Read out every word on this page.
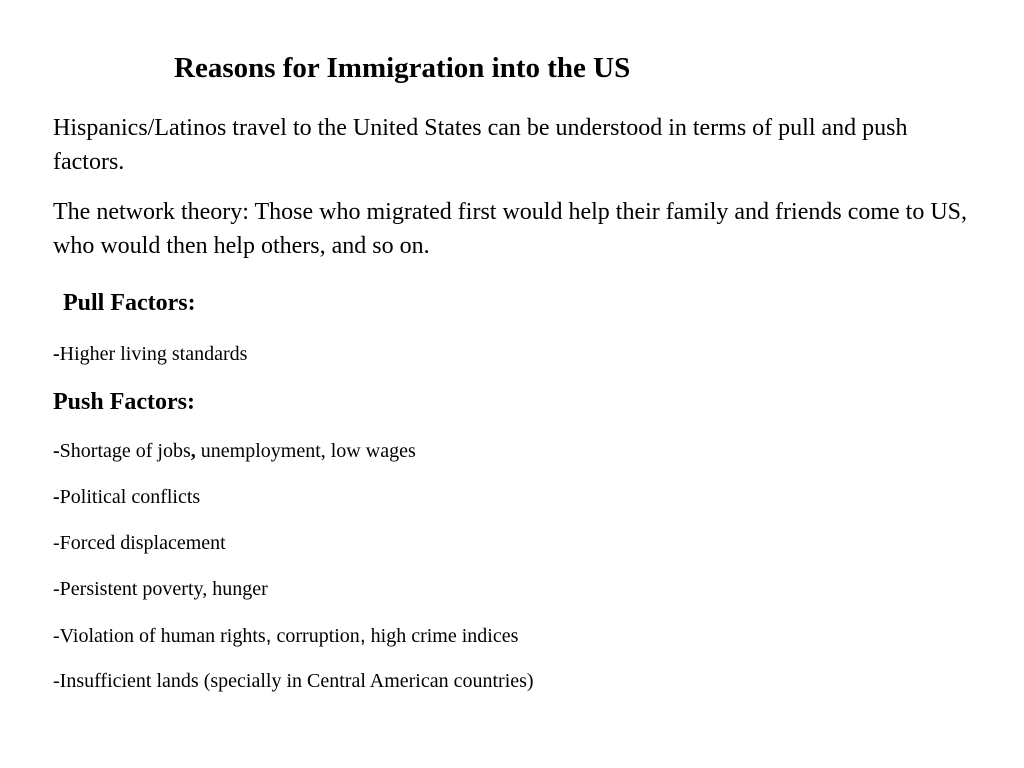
Reasons for Immigration into the US

Hispanics/Latinos travel to the United States can be understood in terms of pull and push factors.

The network theory: Those who migrated first would help their family and friends come to US, who would then help others, and so on.

Pull Factors:
-Higher living standards
Push Factors:
-Shortage of jobs, unemployment, low wages
-Political conflicts
-Forced displacement
-Persistent poverty, hunger
-Violation of human rights, corruption, high crime indices
-Insufficient lands (specially in Central American countries)
